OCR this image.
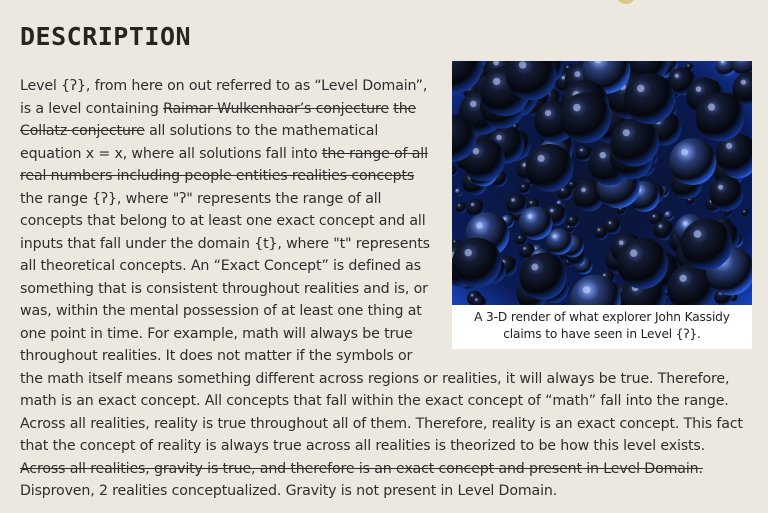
DESCRIPTION
A 3-D render of what explorer John Kassidy claims to have seen in Level {ʔ}.
Level {ʔ}, from here on out referred to as “Level Domain”, is a level containing Raimar Wulkenhaar’s conjecture the Collatz conjecture all solutions to the mathematical equation x = x, where all solutions fall into the range of all real numbers including people entities realities concepts the range {ʔ}, where "ʔ" represents the range of all concepts that belong to at least one exact concept and all inputs that fall under the domain {t}, where "t" represents all theoretical concepts. An “Exact Concept” is defined as something that is consistent throughout realities and is, or was, within the mental possession of at least one thing at one point in time. For example, math will always be true throughout realities. It does not matter if the symbols or the math itself means something different across regions or realities, it will always be true. Therefore, math is an exact concept. All concepts that fall within the exact concept of “math” fall into the range. Across all realities, reality is true throughout all of them. Therefore, reality is an exact concept. This fact that the concept of reality is always true across all realities is theorized to be how this level exists. Across all realities, gravity is true, and therefore is an exact concept and present in Level Domain. Disproven, 2 realities conceptualized. Gravity is not present in Level Domain.
